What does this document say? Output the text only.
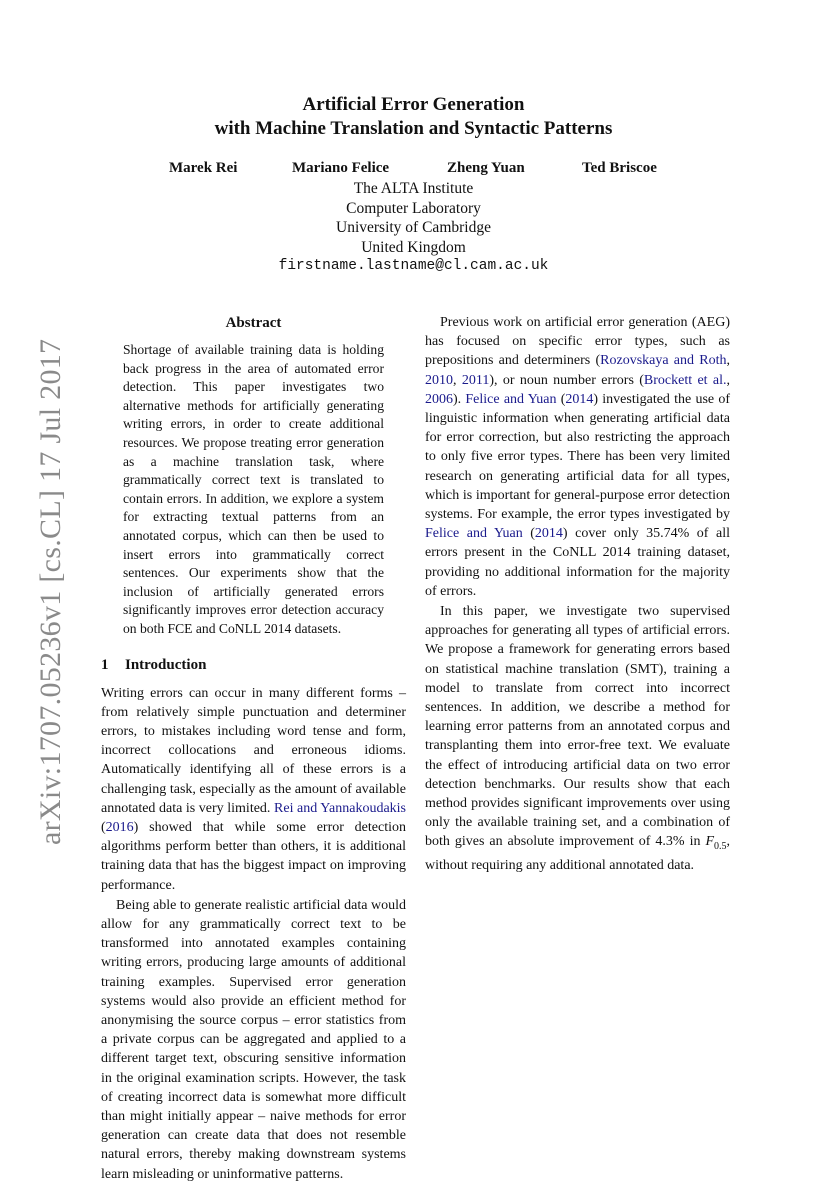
arXiv:1707.05236v1 [cs.CL] 17 Jul 2017
Artificial Error Generation
with Machine Translation and Syntactic Patterns
Marek Rei	Mariano Felice	Zheng Yuan	Ted Briscoe
The ALTA Institute
Computer Laboratory
University of Cambridge
United Kingdom
firstname.lastname@cl.cam.ac.uk
Abstract

Shortage of available training data is holding back progress in the area of automated error detection. This paper investigates two alternative methods for artificially generating writing errors, in order to create additional resources. We propose treating error generation as a machine translation task, where grammatically correct text is translated to contain errors. In addition, we explore a system for extracting textual patterns from an annotated corpus, which can then be used to insert errors into grammatically correct sentences. Our experiments show that the inclusion of artificially generated errors significantly improves error detection accuracy on both FCE and CoNLL 2014 datasets.

1 Introduction

Writing errors can occur in many different forms – from relatively simple punctuation and determiner errors, to mistakes including word tense and form, incorrect collocations and erroneous idioms. Automatically identifying all of these errors is a challenging task, especially as the amount of available annotated data is very limited. Rei and Yannakoudakis (2016) showed that while some error detection algorithms perform better than others, it is additional training data that has the biggest impact on improving performance.

Being able to generate realistic artificial data would allow for any grammatically correct text to be transformed into annotated examples containing writing errors, producing large amounts of additional training examples. Supervised error generation systems would also provide an efficient method for anonymising the source corpus – error statistics from a private corpus can be aggregated and applied to a different target text, obscuring sensitive information in the original examination scripts. However, the task of creating incorrect data is somewhat more difficult than might initially appear – naive methods for error generation can create data that does not resemble natural errors, thereby making downstream systems learn misleading or uninformative patterns.

Previous work on artificial error generation (AEG) has focused on specific error types, such as prepositions and determiners (Rozovskaya and Roth, 2010, 2011), or noun number errors (Brockett et al., 2006). Felice and Yuan (2014) investigated the use of linguistic information when generating artificial data for error correction, but also restricting the approach to only five error types. There has been very limited research on generating artificial data for all types, which is important for general-purpose error detection systems. For example, the error types investigated by Felice and Yuan (2014) cover only 35.74% of all errors present in the CoNLL 2014 training dataset, providing no additional information for the majority of errors.

In this paper, we investigate two supervised approaches for generating all types of artificial errors. We propose a framework for generating errors based on statistical machine translation (SMT), training a model to translate from correct into incorrect sentences. In addition, we describe a method for learning error patterns from an annotated corpus and transplanting them into error-free text. We evaluate the effect of introducing artificial data on two error detection benchmarks. Our results show that each method provides significant improvements over using only the available training set, and a combination of both gives an absolute improvement of 4.3% in $F_{0.5}$, without requiring any additional annotated data.
